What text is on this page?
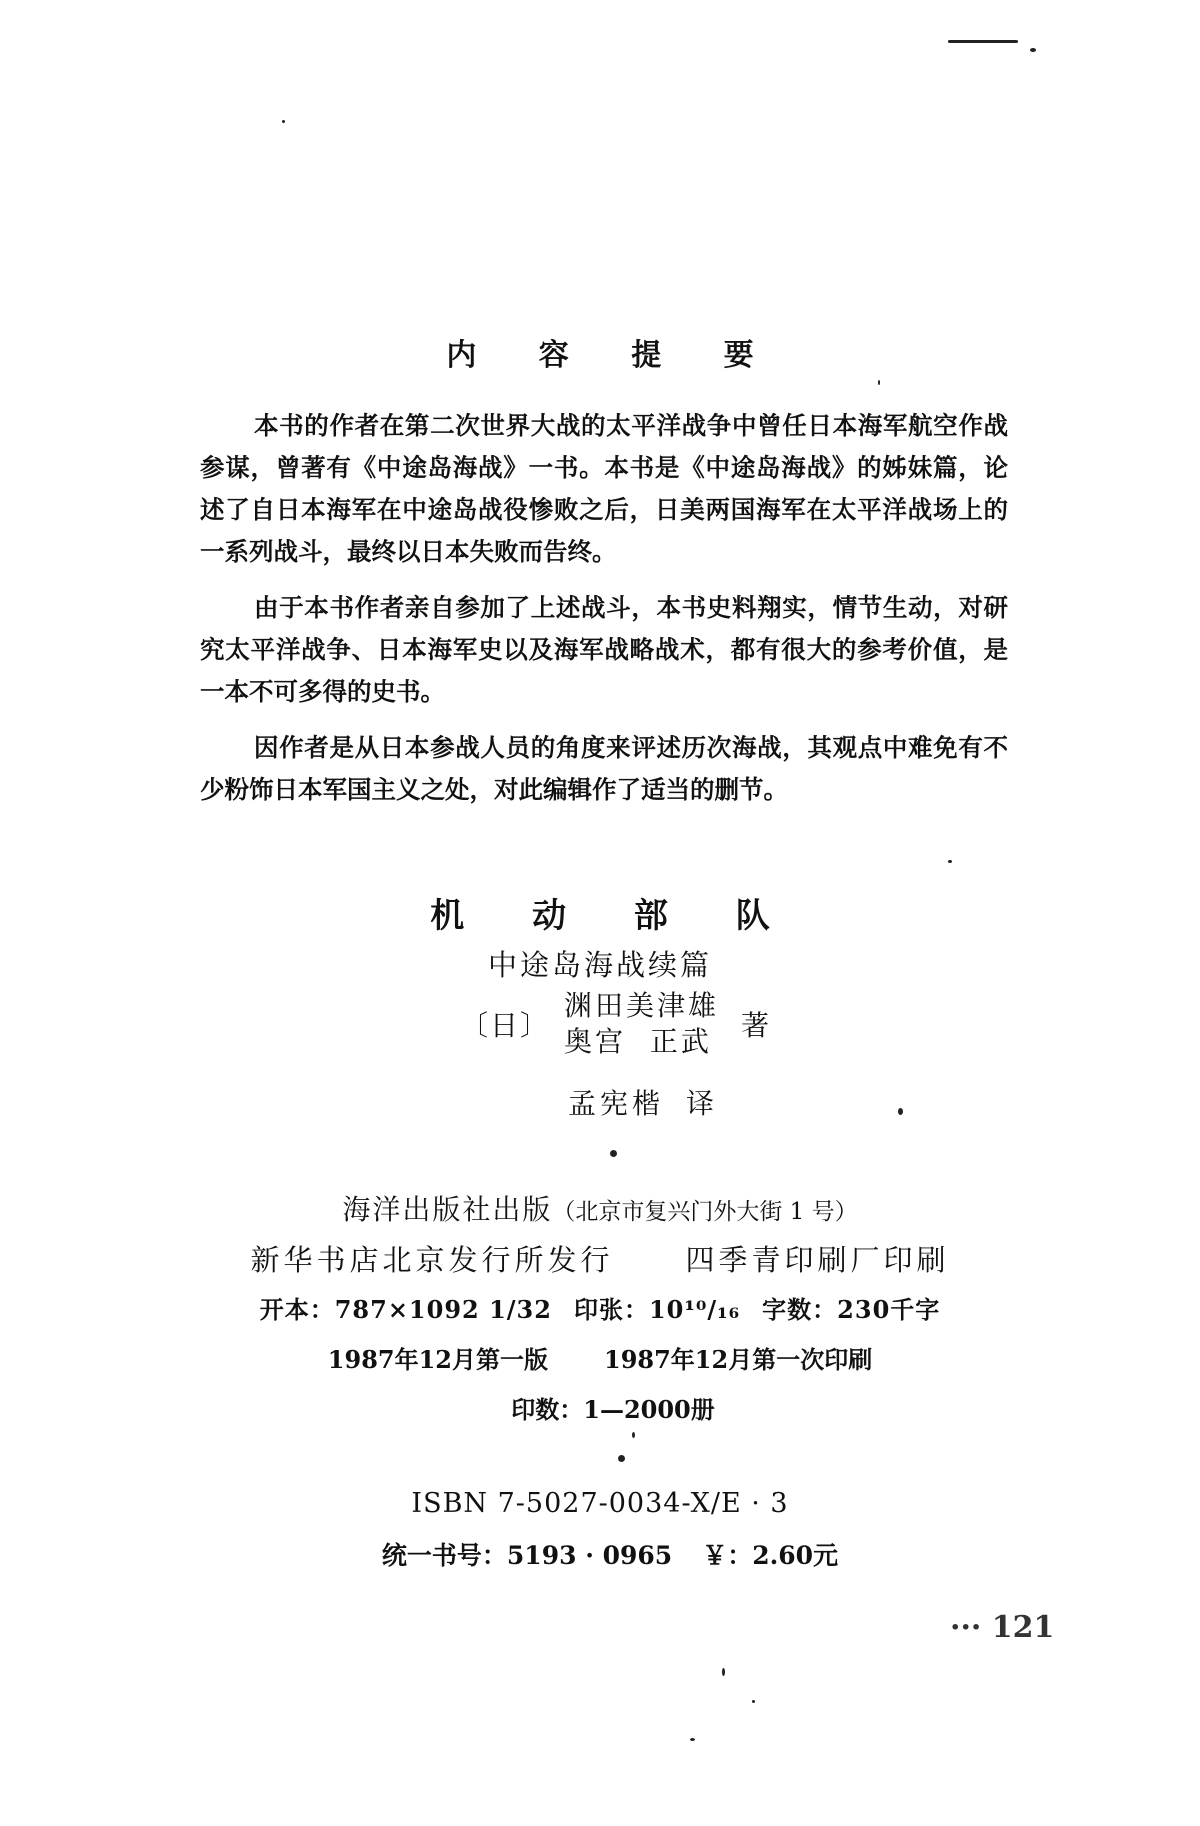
内 容 提 要

本书的作者在第二次世界大战的太平洋战争中曾任日本海军航空作战参谋，曾著有《中途岛海战》一书。本书是《中途岛海战》的姊妹篇，论述了自日本海军在中途岛战役惨败之后，日美两国海军在太平洋战场上的一系列战斗，最终以日本失败而告终。

由于本书作者亲自参加了上述战斗，本书史料翔实，情节生动，对研究太平洋战争、日本海军史以及海军战略战术，都有很大的参考价值，是一本不可多得的史书。

因作者是从日本参战人员的角度来评述历次海战，其观点中难免有不少粉饰日本军国主义之处，对此编辑作了适当的删节。

机 动 部 队
中途岛海战续篇
〔日〕
渊田美津雄
奥宫  正武 著
孟宪楷 译
海洋出版社出版（北京市复兴门外大街 1 号）
新华书店北京发行所发行 四季青印刷厂印刷
开本：787×1092 1/32 印张：10¹⁰/₁₆ 字数：230千字
1987年12月第一版 1987年12月第一次印刷
印数：1—2000册
ISBN 7-5027-0034-X/E · 3
统一书号：5193 · 0965 ￥：2.60元
··· 121
